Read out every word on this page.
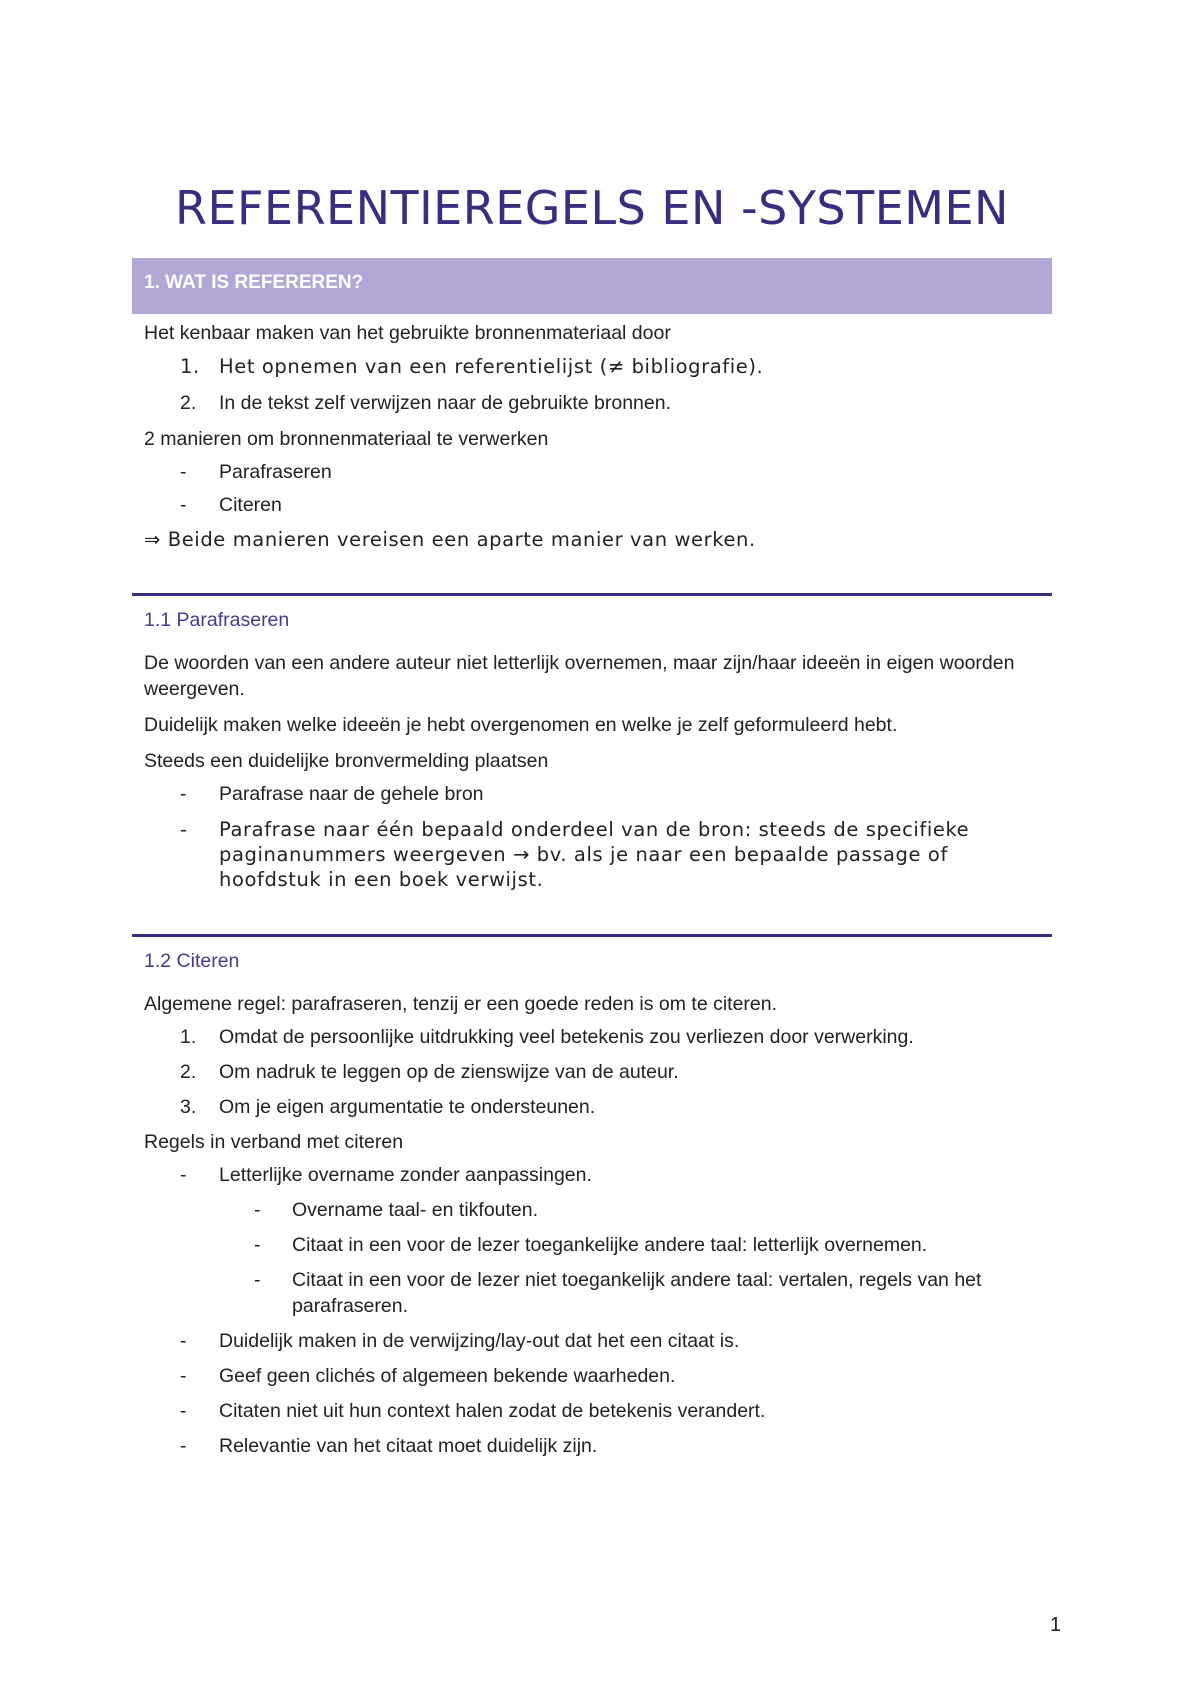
REFERENTIEREGELS EN -SYSTEMEN
1. WAT IS REFEREREN?

Het kenbaar maken van het gebruikte bronnenmateriaal door

1. Het opnemen van een referentielijst (≠ bibliografie).
2. In de tekst zelf verwijzen naar de gebruikte bronnen.

2 manieren om bronnenmateriaal te verwerken

- Parafraseren
- Citeren

⇒ Beide manieren vereisen een aparte manier van werken.

1.1 Parafraseren

De woorden van een andere auteur niet letterlijk overnemen, maar zijn/haar ideeën in eigen woorden weergeven.

Duidelijk maken welke ideeën je hebt overgenomen en welke je zelf geformuleerd hebt.

Steeds een duidelijke bronvermelding plaatsen

- Parafrase naar de gehele bron
- Parafrase naar één bepaald onderdeel van de bron: steeds de specifieke paginanummers weergeven → bv. als je naar een bepaalde passage of hoofdstuk in een boek verwijst.

1.2 Citeren

Algemene regel: parafraseren, tenzij er een goede reden is om te citeren.

1. Omdat de persoonlijke uitdrukking veel betekenis zou verliezen door verwerking.
2. Om nadruk te leggen op de zienswijze van de auteur.
3. Om je eigen argumentatie te ondersteunen.

Regels in verband met citeren

- Letterlijke overname zonder aanpassingen.
- Overname taal- en tikfouten.
- Citaat in een voor de lezer toegankelijke andere taal: letterlijk overnemen.
- Citaat in een voor de lezer niet toegankelijk andere taal: vertalen, regels van het parafraseren.
- Duidelijk maken in de verwijzing/lay-out dat het een citaat is.
- Geef geen clichés of algemeen bekende waarheden.
- Citaten niet uit hun context halen zodat de betekenis verandert.
- Relevantie van het citaat moet duidelijk zijn.
1
